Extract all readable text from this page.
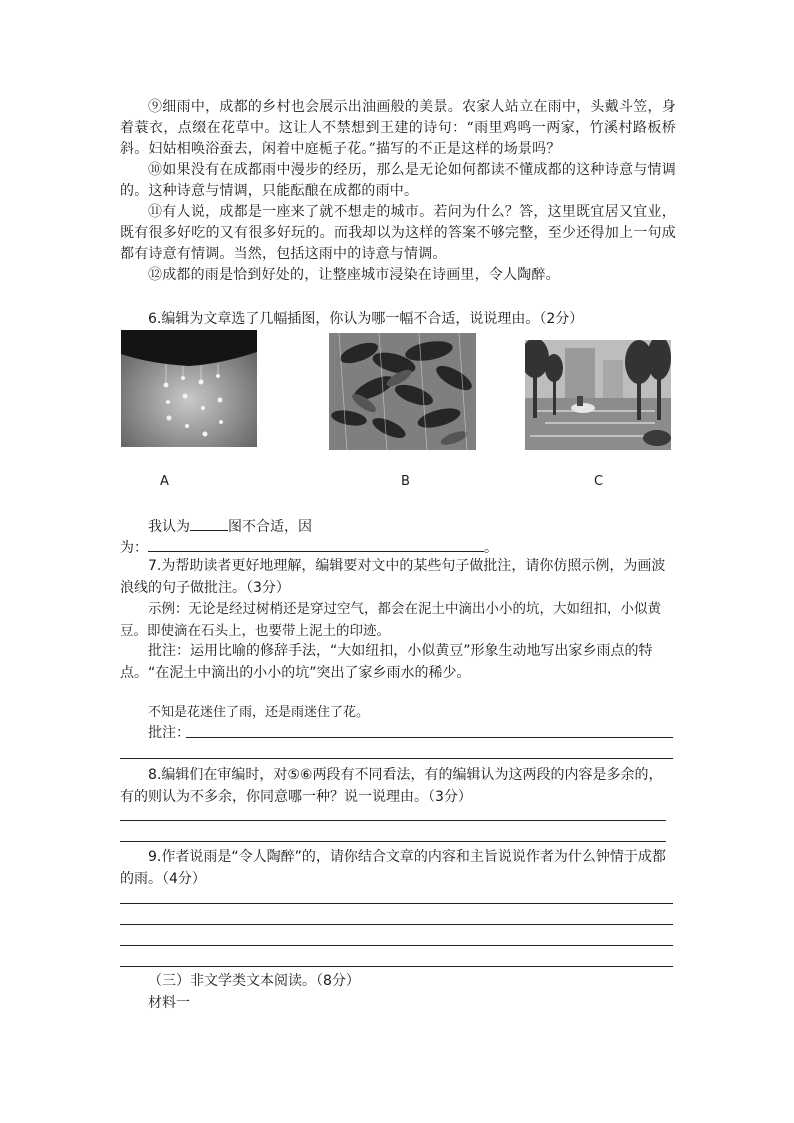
⑨细雨中，成都的乡村也会展示出油画般的美景。农家人站立在雨中，头戴斗笠，身着蓑衣，点缀在花草中。这让人不禁想到王建的诗句：“雨里鸡鸣一两家，竹溪村路板桥斜。妇姑相唤浴蚕去，闲着中庭栀子花。”描写的不正是这样的场景吗？
⑩如果没有在成都雨中漫步的经历，那么是无论如何都读不懂成都的这种诗意与情调的。这种诗意与情调，只能酝酿在成都的雨中。
⑪有人说，成都是一座来了就不想走的城市。若问为什么？答，这里既宜居又宜业，既有很多好吃的又有很多好玩的。而我却以为这样的答案不够完整，至少还得加上一句成都有诗意有情调。当然，包括这雨中的诗意与情调。
⑫成都的雨是恰到好处的，让整座城市浸染在诗画里，令人陶醉。
6.编辑为文章选了几幅插图，你认为哪一幅不合适，说说理由。（2分）
A	B	C
我认为	图不合适，因
为：	。
7.为帮助读者更好地理解，编辑要对文中的某些句子做批注，请你仿照示例，为画波浪线的句子做批注。（3分）
示例：无论是经过树梢还是穿过空气，都会在泥土中滴出小小的坑，大如纽扣，小似黄豆。即使滴在石头上，也要带上泥土的印迹。
批注：运用比喻的修辞手法，“大如纽扣，小似黄豆”形象生动地写出家乡雨点的特点。“在泥土中滴出的小小的坑”突出了家乡雨水的稀少。
不知是花迷住了雨，还是雨迷住了花。
批注：
8.编辑们在审编时，对⑤⑥两段有不同看法，有的编辑认为这两段的内容是多余的，有的则认为不多余，你同意哪一种？说一说理由。（3分）
9.作者说雨是“令人陶醉”的，请你结合文章的内容和主旨说说作者为什么钟情于成都的雨。（4分）
（三）非文学类文本阅读。（8分）
材料一
